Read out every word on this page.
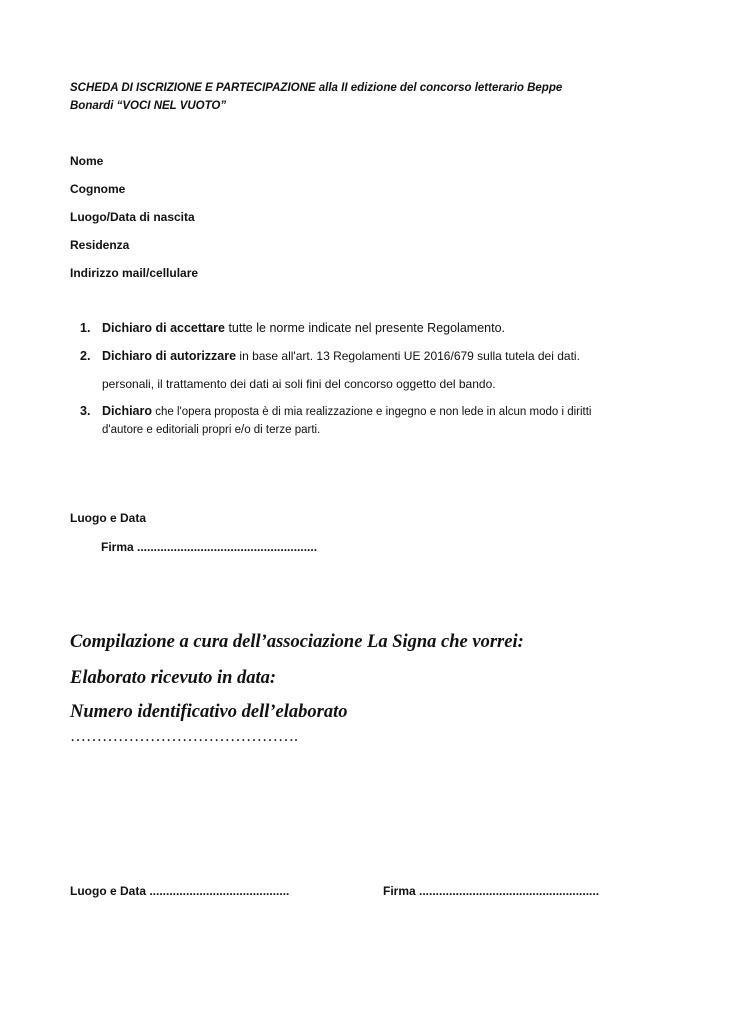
SCHEDA DI ISCRIZIONE E PARTECIPAZIONE alla II edizione del concorso letterario Beppe
Bonardi “VOCI NEL VUOTO”
Nome
Cognome
Luogo/Data di nascita
Residenza
Indirizzo mail/cellulare
1. Dichiaro di accettare tutte le norme indicate nel presente Regolamento.
2. Dichiaro di autorizzare in base all'art. 13 Regolamenti UE 2016/679 sulla tutela dei dati.
personali, il trattamento dei dati ai soli fini del concorso oggetto del bando.
3. Dichiaro che l'opera proposta è di mia realizzazione e ingegno e non lede in alcun modo i diritti
d'autore e editoriali propri e/o di terze parti.
Luogo e Data
Firma ......................................................
Compilazione a cura dell’associazione La Signa che vorrei:
Elaborato ricevuto in data:
Numero identificativo dell’elaborato
…………………………………….
Luogo e Data ..........................................	Firma ......................................................
